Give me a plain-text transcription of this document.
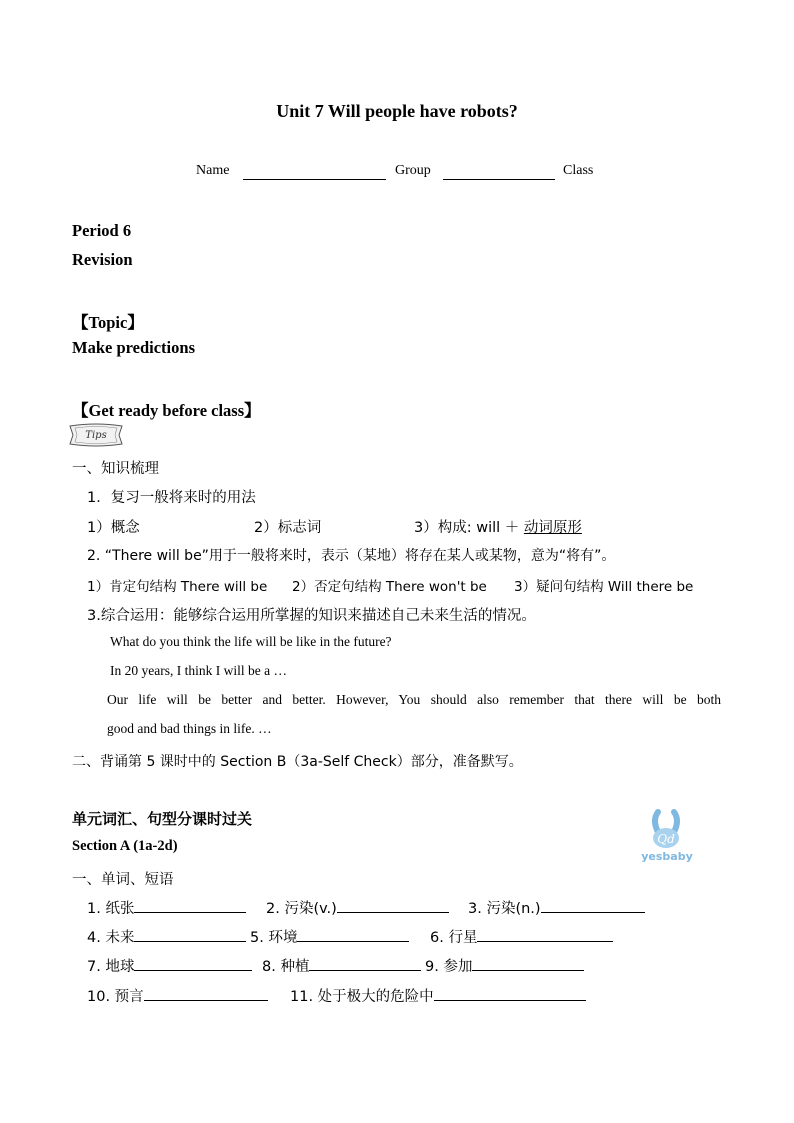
Unit 7 Will people have robots?
Name	Group	Class
Period 6
Revision
【Topic】
Make predictions
【Get ready before class】
Tips
一、知识梳理
1．复习一般将来时的用法
1）概念	2）标志词	3）构成: will ＋ 动词原形
2. “There will be”用于一般将来时，表示（某地）将存在某人或某物，意为“将有”。
1）肯定句结构 There will be 2）否定句结构 There won't be 3）疑问句结构 Will there be
3.综合运用：能够综合运用所掌握的知识来描述自己未来生活的情况。
What do you think the life will be like in the future?
In 20 years, I think I will be a …
Our life will be better and better. However, You should also remember that there will be both
good and bad things in life. …
二、背诵第 5 课时中的 Section B（3a-Self Check）部分，准备默写。
单元词汇、句型分课时过关
Qd
yesbaby
Section A (1a-2d)
一、单词、短语
1. 纸张	2. 污染(v.)	3. 污染(n.)
4. 未来	5. 环境	6. 行星
7. 地球	8. 种植	9. 参加
10. 预言	11. 处于极大的危险中
